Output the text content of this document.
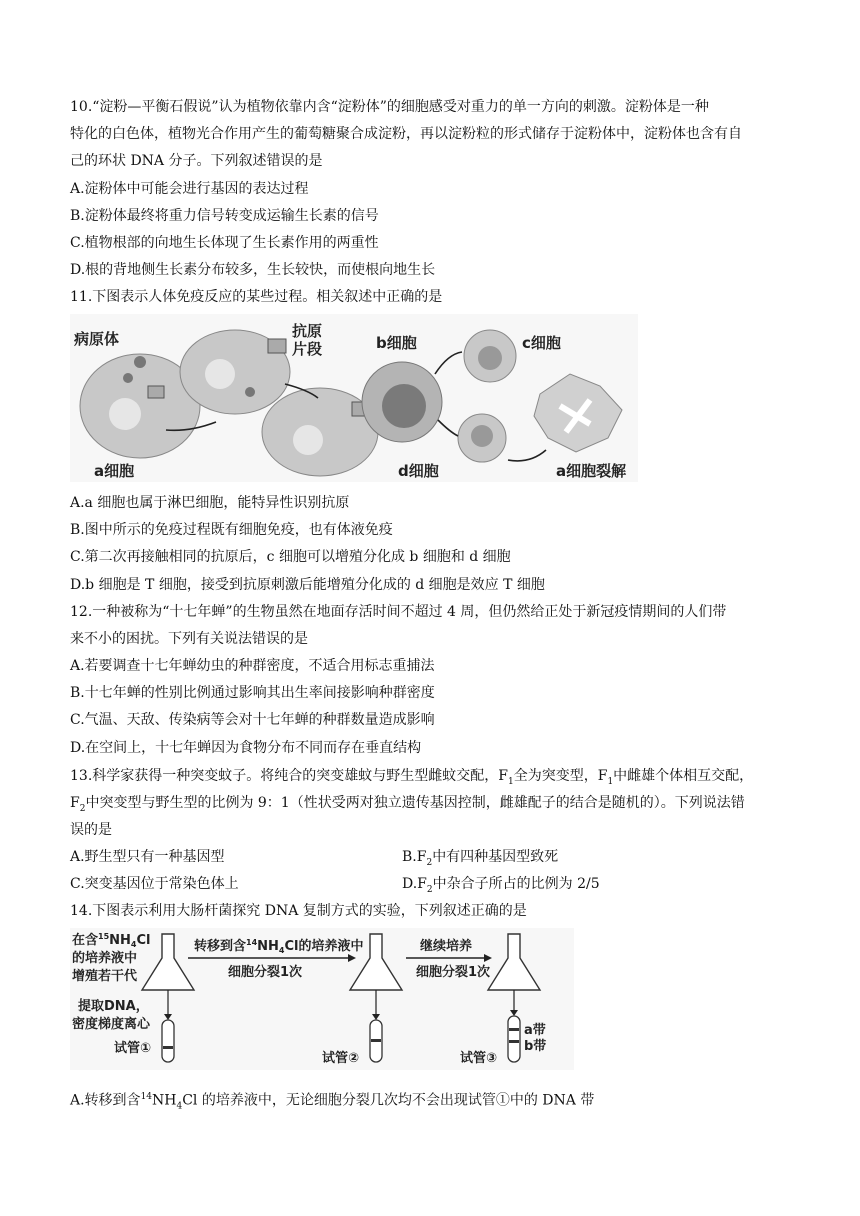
10.“淀粉—平衡石假说”认为植物依靠内含“淀粉体”的细胞感受对重力的单一方向的刺激。淀粉体是一种
特化的白色体，植物光合作用产生的葡萄糖聚合成淀粉，再以淀粉粒的形式储存于淀粉体中，淀粉体也含有自
己的环状 DNA 分子。下列叙述错误的是
A.淀粉体中可能会进行基因的表达过程
B.淀粉体最终将重力信号转变成运输生长素的信号
C.植物根部的向地生长体现了生长素作用的两重性
D.根的背地侧生长素分布较多，生长较快，而使根向地生长
11.下图表示人体免疫反应的某些过程。相关叙述中正确的是
病原体	抗原
片段	b细胞	c细胞
a细胞	d细胞	a细胞裂解
A.a 细胞也属于淋巴细胞，能特异性识别抗原
B.图中所示的免疫过程既有细胞免疫，也有体液免疫
C.第二次再接触相同的抗原后，c 细胞可以增殖分化成 b 细胞和 d 细胞
D.b 细胞是 T 细胞，接受到抗原刺激后能增殖分化成的 d 细胞是效应 T 细胞
12.一种被称为“十七年蝉”的生物虽然在地面存活时间不超过 4 周，但仍然给正处于新冠疫情期间的人们带
来不小的困扰。下列有关说法错误的是
A.若要调查十七年蝉幼虫的种群密度，不适合用标志重捕法
B.十七年蝉的性别比例通过影响其出生率间接影响种群密度
C.气温、天敌、传染病等会对十七年蝉的种群数量造成影响
D.在空间上，十七年蝉因为食物分布不同而存在垂直结构
13.科学家获得一种突变蚊子。将纯合的突变雄蚊与野生型雌蚊交配，$F_1$全为突变型，$F_1$中雌雄个体相互交配，
$F_2$中突变型与野生型的比例为 9：1（性状受两对独立遗传基因控制，雌雄配子的结合是随机的）。下列说法错
误的是
A.野生型只有一种基因型	$B.F_2$中有四种基因型致死
C.突变基因位于常染色体上	$D.F_2$中杂合子所占的比例为 2/5
14.下图表示利用大肠杆菌探究 DNA 复制方式的实验，下列叙述正确的是
在含$^{15}NH_4Cl$
的培养液中
增殖若干代
转移到含$^{14}NH_4Cl$的培养液中
细胞分裂1次
继续培养
细胞分裂1次
提取DNA，
密度梯度离心
试管①
试管②	试管③
a带
b带
A.转移到含$^{14}NH_4Cl$ 的培养液中，无论细胞分裂几次均不会出现试管①中的 DNA 带
